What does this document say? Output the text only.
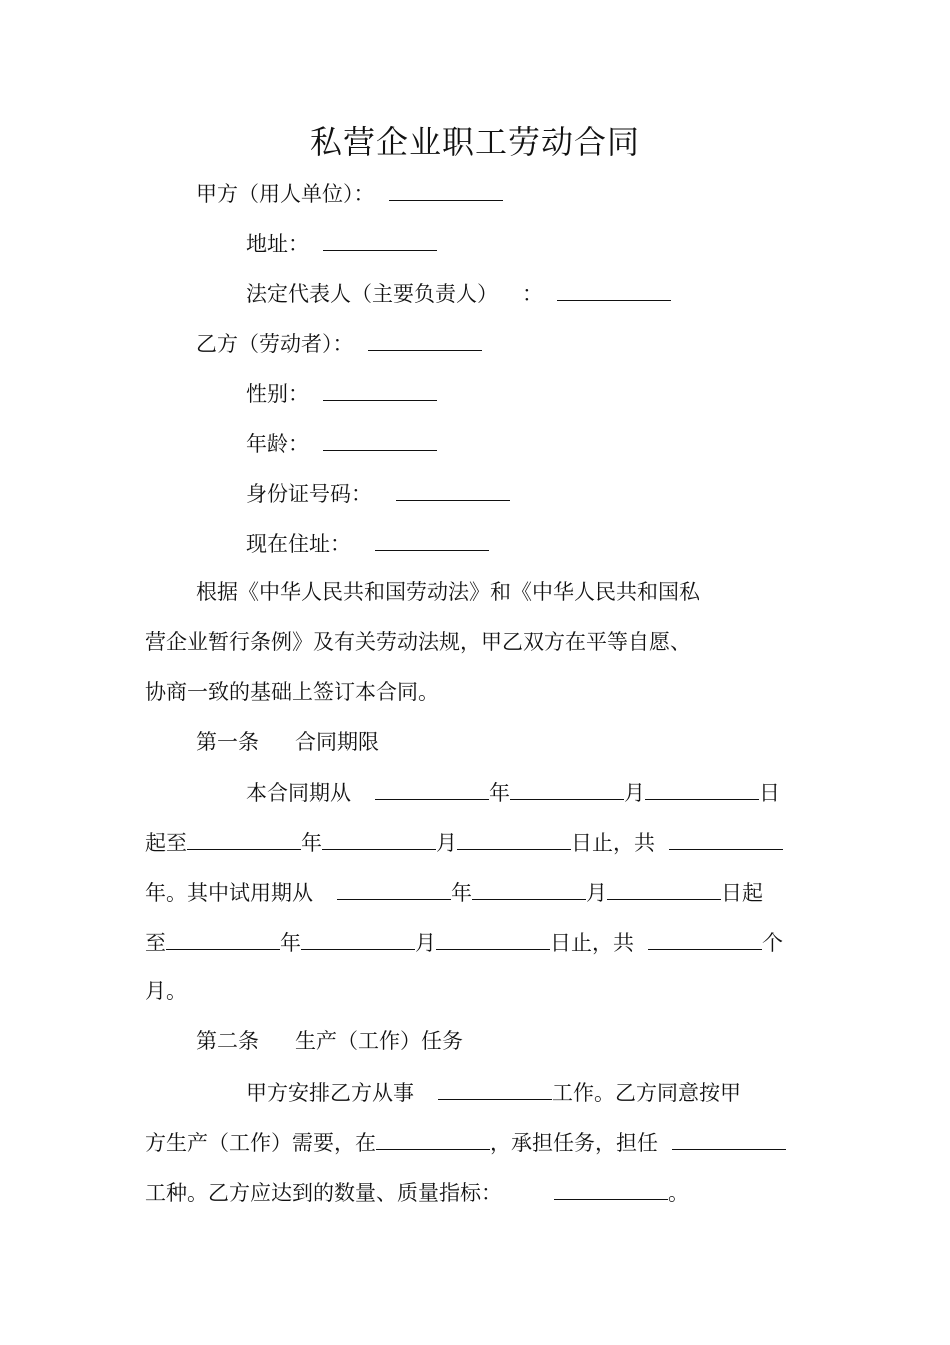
私营企业职工劳动合同
甲方（用人单位）：
地址：
法定代表人（主要负责人） ：
乙方（劳动者）：
性别：
年龄：
身份证号码：
现在住址：
根据《中华人民共和国劳动法》和《中华人民共和国私
营企业暂行条例》及有关劳动法规，甲乙双方在平等自愿、
协商一致的基础上签订本合同。
第一条 合同期限
本合同期从	年	月	日
起至	年	月	日止，共
年。其中试用期从	年	月	日起
至	年	月	日止，共	个
月。
第二条 生产（工作）任务
甲方安排乙方从事	工作。乙方同意按甲
方生产（工作）需要，在	，承担任务，担任
工种。乙方应达到的数量、质量指标：	。
